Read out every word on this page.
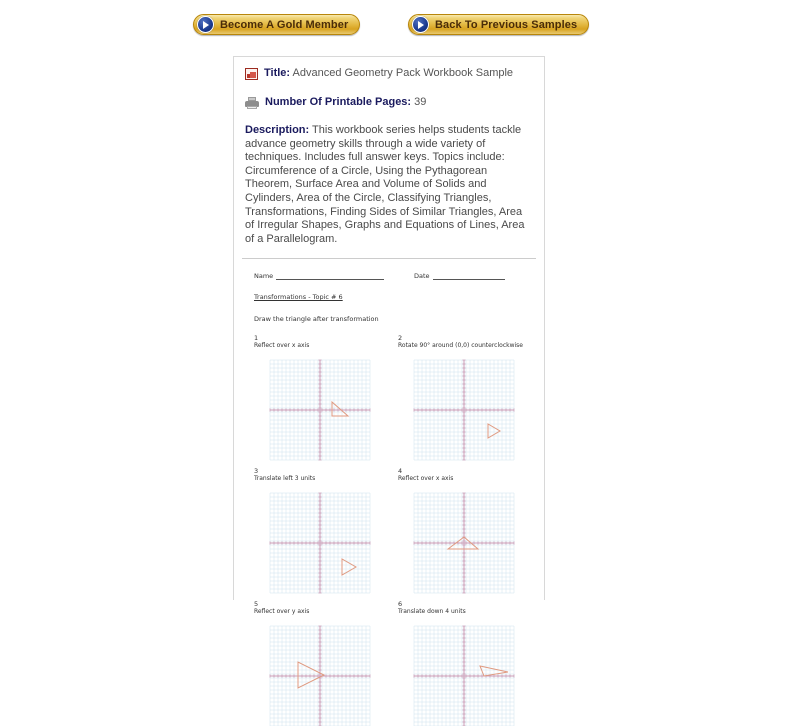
Become A Gold Member	Back To Previous Samples
Title: Advanced Geometry Pack Workbook Sample
Number Of Printable Pages: 39
Description: This workbook series helps students tackle advance geometry skills through a wide variety of techniques. Includes full answer keys. Topics include: Circumference of a Circle, Using the Pythagorean Theorem, Surface Area and Volume of Solids and Cylinders, Area of the Circle, Classifying Triangles, Transformations, Finding Sides of Similar Triangles, Area of Irregular Shapes, Graphs and Equations of Lines, Area of a Parallelogram.
Name	Date
Transformations - Topic # 6
Draw the triangle after transformation
1
Reflect over x axis
2
Rotate 90° around (0,0) counterclockwise
3
Translate left 3 units
4
Reflect over x axis
5
Reflect over y axis
6
Translate down 4 units
